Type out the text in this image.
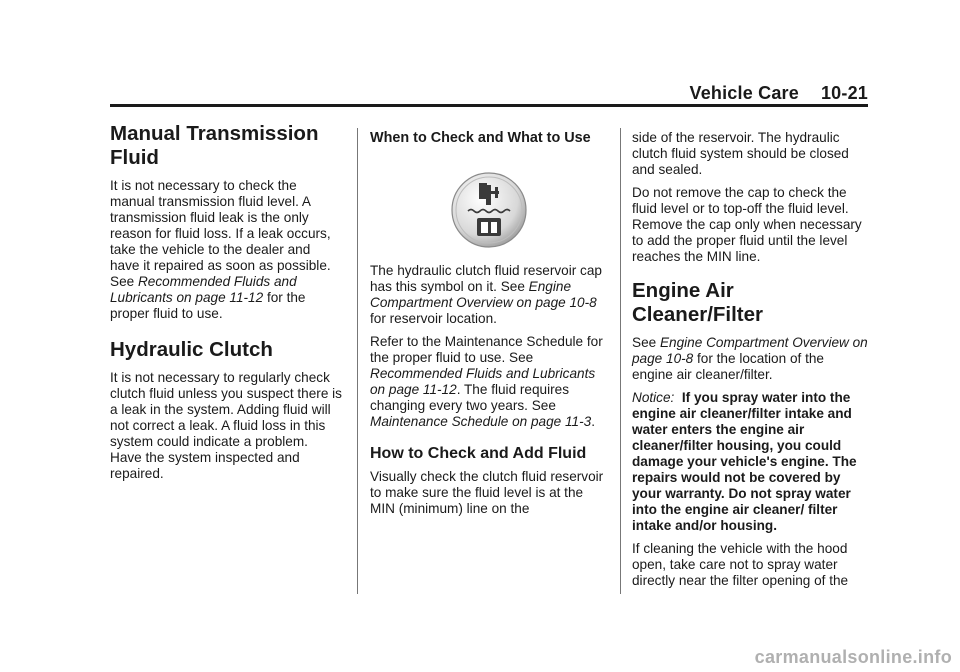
Vehicle Care 10-21
Manual Transmission Fluid

It is not necessary to check the manual transmission fluid level. A transmission fluid leak is the only reason for fluid loss. If a leak occurs, take the vehicle to the dealer and have it repaired as soon as possible. See Recommended Fluids and Lubricants on page 11‑12 for the proper fluid to use.

Hydraulic Clutch

It is not necessary to regularly check clutch fluid unless you suspect there is a leak in the system. Adding fluid will not correct a leak. A fluid loss in this system could indicate a problem. Have the system inspected and repaired.

When to Check and What to Use

The hydraulic clutch fluid reservoir cap has this symbol on it. See Engine Compartment Overview on page 10‑8 for reservoir location.

Refer to the Maintenance Schedule for the proper fluid to use. See Recommended Fluids and Lubricants on page 11‑12. The fluid requires changing every two years. See Maintenance Schedule on page 11‑3.

How to Check and Add Fluid

Visually check the clutch fluid reservoir to make sure the fluid level is at the MIN (minimum) line on the

side of the reservoir. The hydraulic clutch fluid system should be closed and sealed.

Do not remove the cap to check the fluid level or to top-off the fluid level. Remove the cap only when necessary to add the proper fluid until the level reaches the MIN line.

Engine Air Cleaner/Filter

See Engine Compartment Overview on page 10‑8 for the location of the engine air cleaner/filter.

Notice: If you spray water into the engine air cleaner/filter intake and water enters the engine air cleaner/filter housing, you could damage your vehicle's engine. The repairs would not be covered by your warranty. Do not spray water into the engine air cleaner/ filter intake and/or housing.

If cleaning the vehicle with the hood open, take care not to spray water directly near the filter opening of the

carmanualsonline.info
